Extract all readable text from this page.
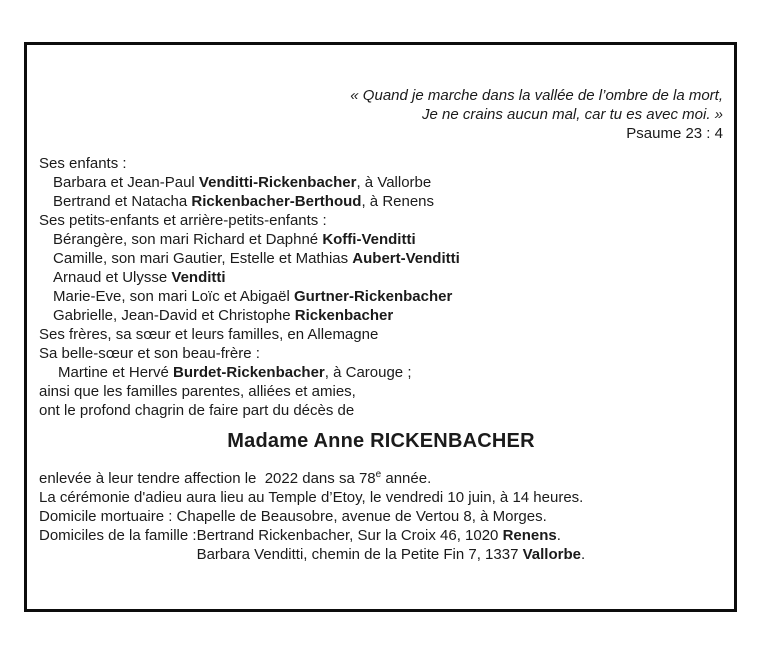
« Quand je marche dans la vallée de l’ombre de la mort,
Je ne crains aucun mal, car tu es avec moi. »
Psaume 23 : 4
Ses enfants :
Barbara et Jean-Paul Venditti-Rickenbacher, à Vallorbe
Bertrand et Natacha Rickenbacher-Berthoud, à Renens
Ses petits-enfants et arrière-petits-enfants :
Bérangère, son mari Richard et Daphné Koffi-Venditti
Camille, son mari Gautier, Estelle et Mathias Aubert-Venditti
Arnaud et Ulysse Venditti
Marie-Eve, son mari Loïc et Abigaël Gurtner-Rickenbacher
Gabrielle, Jean-David et Christophe Rickenbacher
Ses frères, sa sœur et leurs familles, en Allemagne
Sa belle-sœur et son beau-frère :
Martine et Hervé Burdet-Rickenbacher, à Carouge ;
ainsi que les familles parentes, alliées et amies,
ont le profond chagrin de faire part du décès de
Madame Anne RICKENBACHER
enlevée à leur tendre affection le  2022 dans sa 78e année.
La cérémonie d'adieu aura lieu au Temple d’Etoy, le vendredi 10 juin, à 14 heures.
Domicile mortuaire : Chapelle de Beausobre, avenue de Vertou 8, à Morges.
Domiciles de la famille : Bertrand Rickenbacher, Sur la Croix 46, 1020 Renens.
Barbara Venditti, chemin de la Petite Fin 7, 1337 Vallorbe.
